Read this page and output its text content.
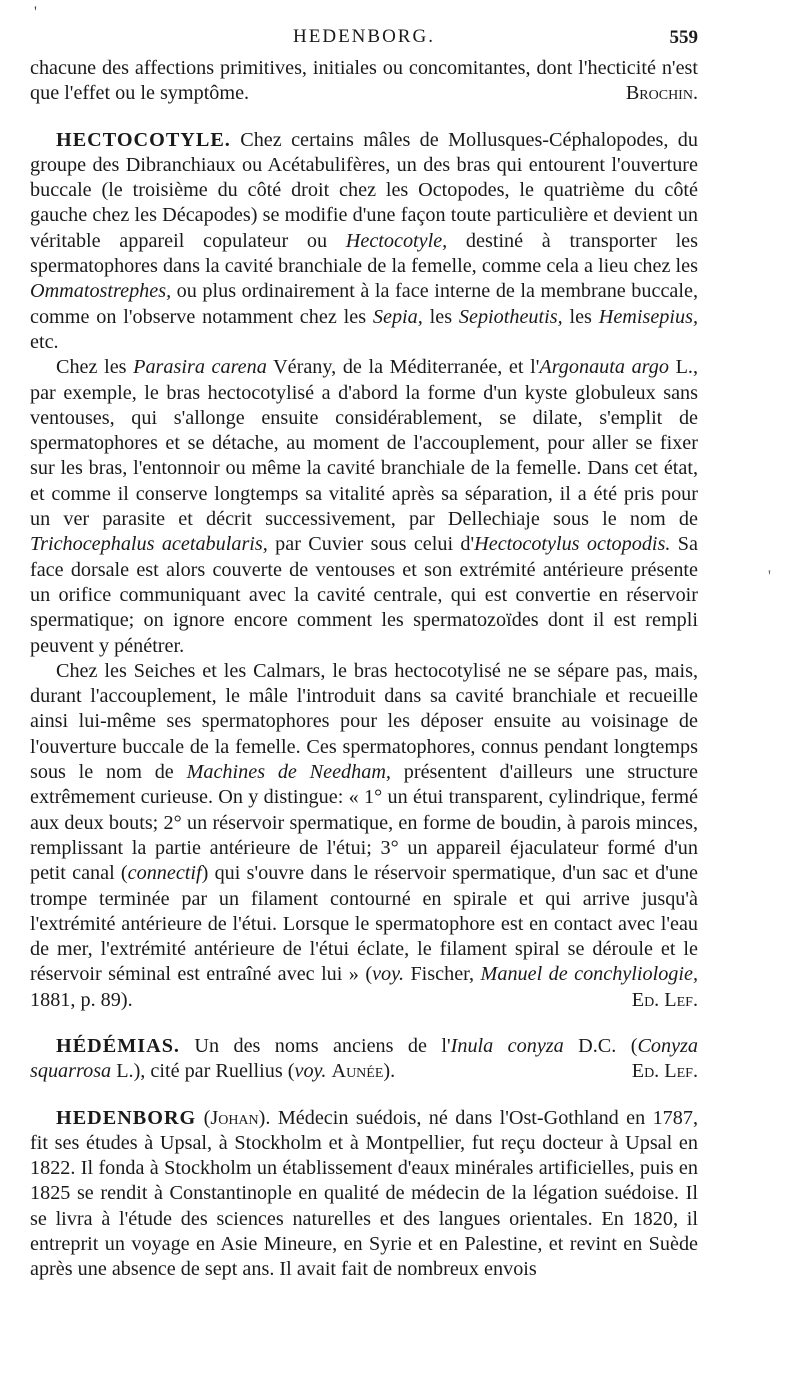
'
'
HEDENBORG.	559

chacune des affections primitives, initiales ou concomitantes, dont l'hecticité n'est que l'effet ou le symptôme.	Brochin.

HECTOCOTYLE. Chez certains mâles de Mollusques-Céphalopodes, du groupe des Dibranchiaux ou Acétabulifères, un des bras qui entourent l'ouverture buccale (le troisième du côté droit chez les Octopodes, le quatrième du côté gauche chez les Décapodes) se modifie d'une façon toute particulière et devient un véritable appareil copulateur ou Hectocotyle, destiné à transporter les spermatophores dans la cavité branchiale de la femelle, comme cela a lieu chez les Ommatostrephes, ou plus ordinairement à la face interne de la membrane buccale, comme on l'observe notamment chez les Sepia, les Sepiotheutis, les Hemisepius, etc.

Chez les Parasira carena Vérany, de la Méditerranée, et l'Argonauta argo L., par exemple, le bras hectocotylisé a d'abord la forme d'un kyste globuleux sans ventouses, qui s'allonge ensuite considérablement, se dilate, s'emplit de spermatophores et se détache, au moment de l'accouplement, pour aller se fixer sur les bras, l'entonnoir ou même la cavité branchiale de la femelle. Dans cet état, et comme il conserve longtemps sa vitalité après sa séparation, il a été pris pour un ver parasite et décrit successivement, par Dellechiaje sous le nom de Trichocephalus acetabularis, par Cuvier sous celui d'Hectocotylus octopodis. Sa face dorsale est alors couverte de ventouses et son extrémité antérieure présente un orifice communiquant avec la cavité centrale, qui est convertie en réservoir spermatique; on ignore encore comment les spermatozoïdes dont il est rempli peuvent y pénétrer.

Chez les Seiches et les Calmars, le bras hectocotylisé ne se sépare pas, mais, durant l'accouplement, le mâle l'introduit dans sa cavité branchiale et recueille ainsi lui-même ses spermatophores pour les déposer ensuite au voisinage de l'ouverture buccale de la femelle. Ces spermatophores, connus pendant longtemps sous le nom de Machines de Needham, présentent d'ailleurs une structure extrêmement curieuse. On y distingue: « 1° un étui transparent, cylindrique, fermé aux deux bouts; 2° un réservoir spermatique, en forme de boudin, à parois minces, remplissant la partie antérieure de l'étui; 3° un appareil éjaculateur formé d'un petit canal (connectif) qui s'ouvre dans le réservoir spermatique, d'un sac et d'une trompe terminée par un filament contourné en spirale et qui arrive jusqu'à l'extrémité antérieure de l'étui. Lorsque le spermatophore est en contact avec l'eau de mer, l'extrémité antérieure de l'étui éclate, le filament spiral se déroule et le réservoir séminal est entraîné avec lui » (voy. Fischer, Manuel de conchyliologie, 1881, p. 89).	Ed. Lef.

HÉDÉMIAS. Un des noms anciens de l'Inula conyza D.C. (Conyza squarrosa L.), cité par Ruellius (voy. Aunée).	Ed. Lef.

HEDENBORG (Johan). Médecin suédois, né dans l'Ost-Gothland en 1787, fit ses études à Upsal, à Stockholm et à Montpellier, fut reçu docteur à Upsal en 1822. Il fonda à Stockholm un établissement d'eaux minérales artificielles, puis en 1825 se rendit à Constantinople en qualité de médecin de la légation suédoise. Il se livra à l'étude des sciences naturelles et des langues orientales. En 1820, il entreprit un voyage en Asie Mineure, en Syrie et en Palestine, et revint en Suède après une absence de sept ans. Il avait fait de nombreux envois
